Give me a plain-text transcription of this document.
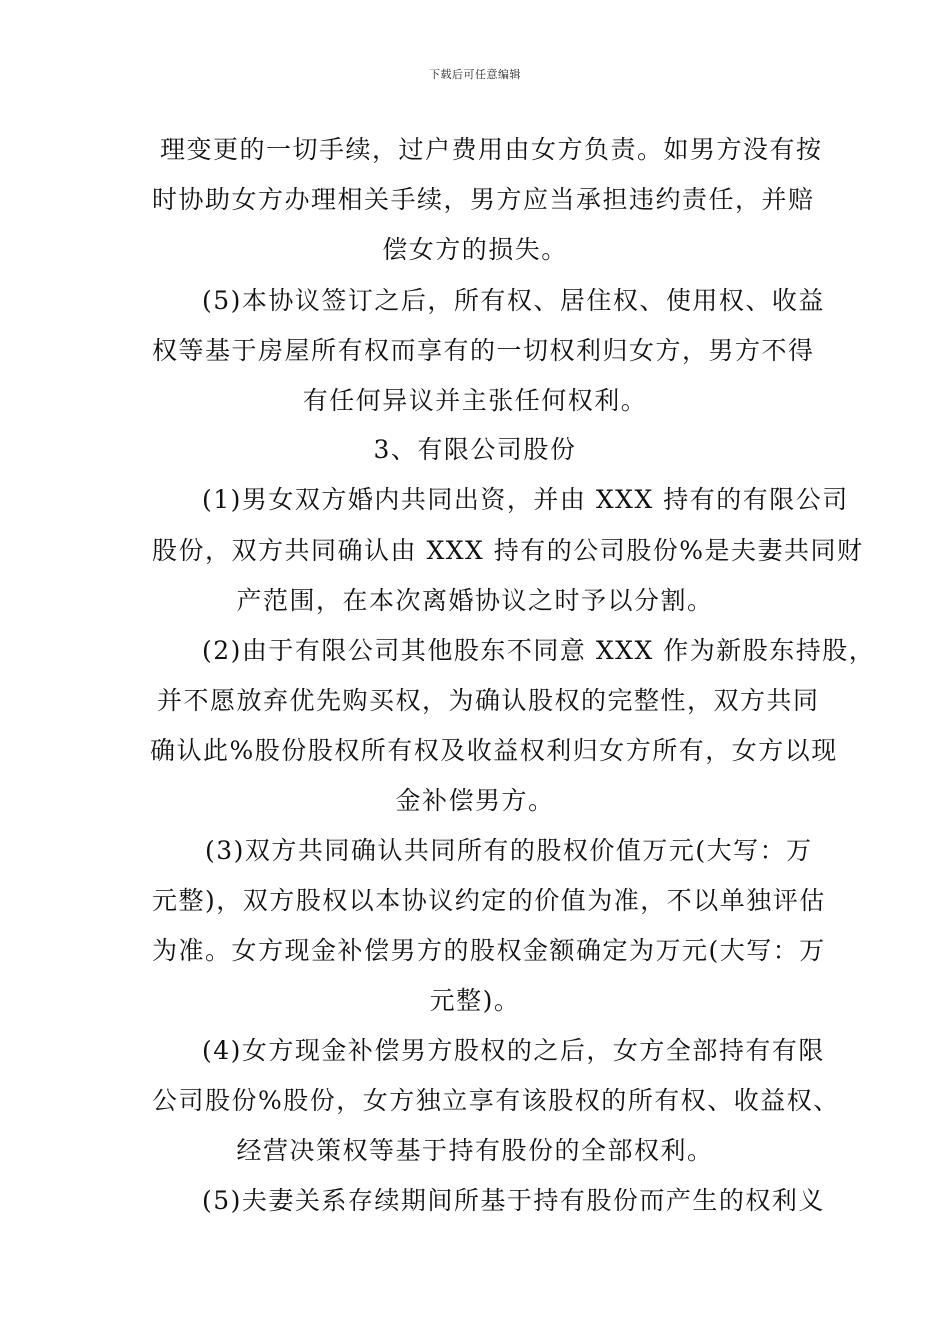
下载后可任意编辑
理变更的一切手续，过户费用由女方负责。如男方没有按
时协助女方办理相关手续，男方应当承担违约责任，并赔
偿女方的损失。
(5)本协议签订之后，所有权、居住权、使用权、收益
权等基于房屋所有权而享有的一切权利归女方，男方不得
有任何异议并主张任何权利。
3、有限公司股份
(1)男女双方婚内共同出资，并由 XXX 持有的有限公司
股份，双方共同确认由 XXX 持有的公司股份%是夫妻共同财
产范围，在本次离婚协议之时予以分割。
(2)由于有限公司其他股东不同意 XXX 作为新股东持股，
并不愿放弃优先购买权，为确认股权的完整性，双方共同
确认此%股份股权所有权及收益权利归女方所有，女方以现
金补偿男方。
(3)双方共同确认共同所有的股权价值万元(大写：万
元整)，双方股权以本协议约定的价值为准，不以单独评估
为准。女方现金补偿男方的股权金额确定为万元(大写：万
元整)。
(4)女方现金补偿男方股权的之后，女方全部持有有限
公司股份%股份，女方独立享有该股权的所有权、收益权、
经营决策权等基于持有股份的全部权利。
(5)夫妻关系存续期间所基于持有股份而产生的权利义
